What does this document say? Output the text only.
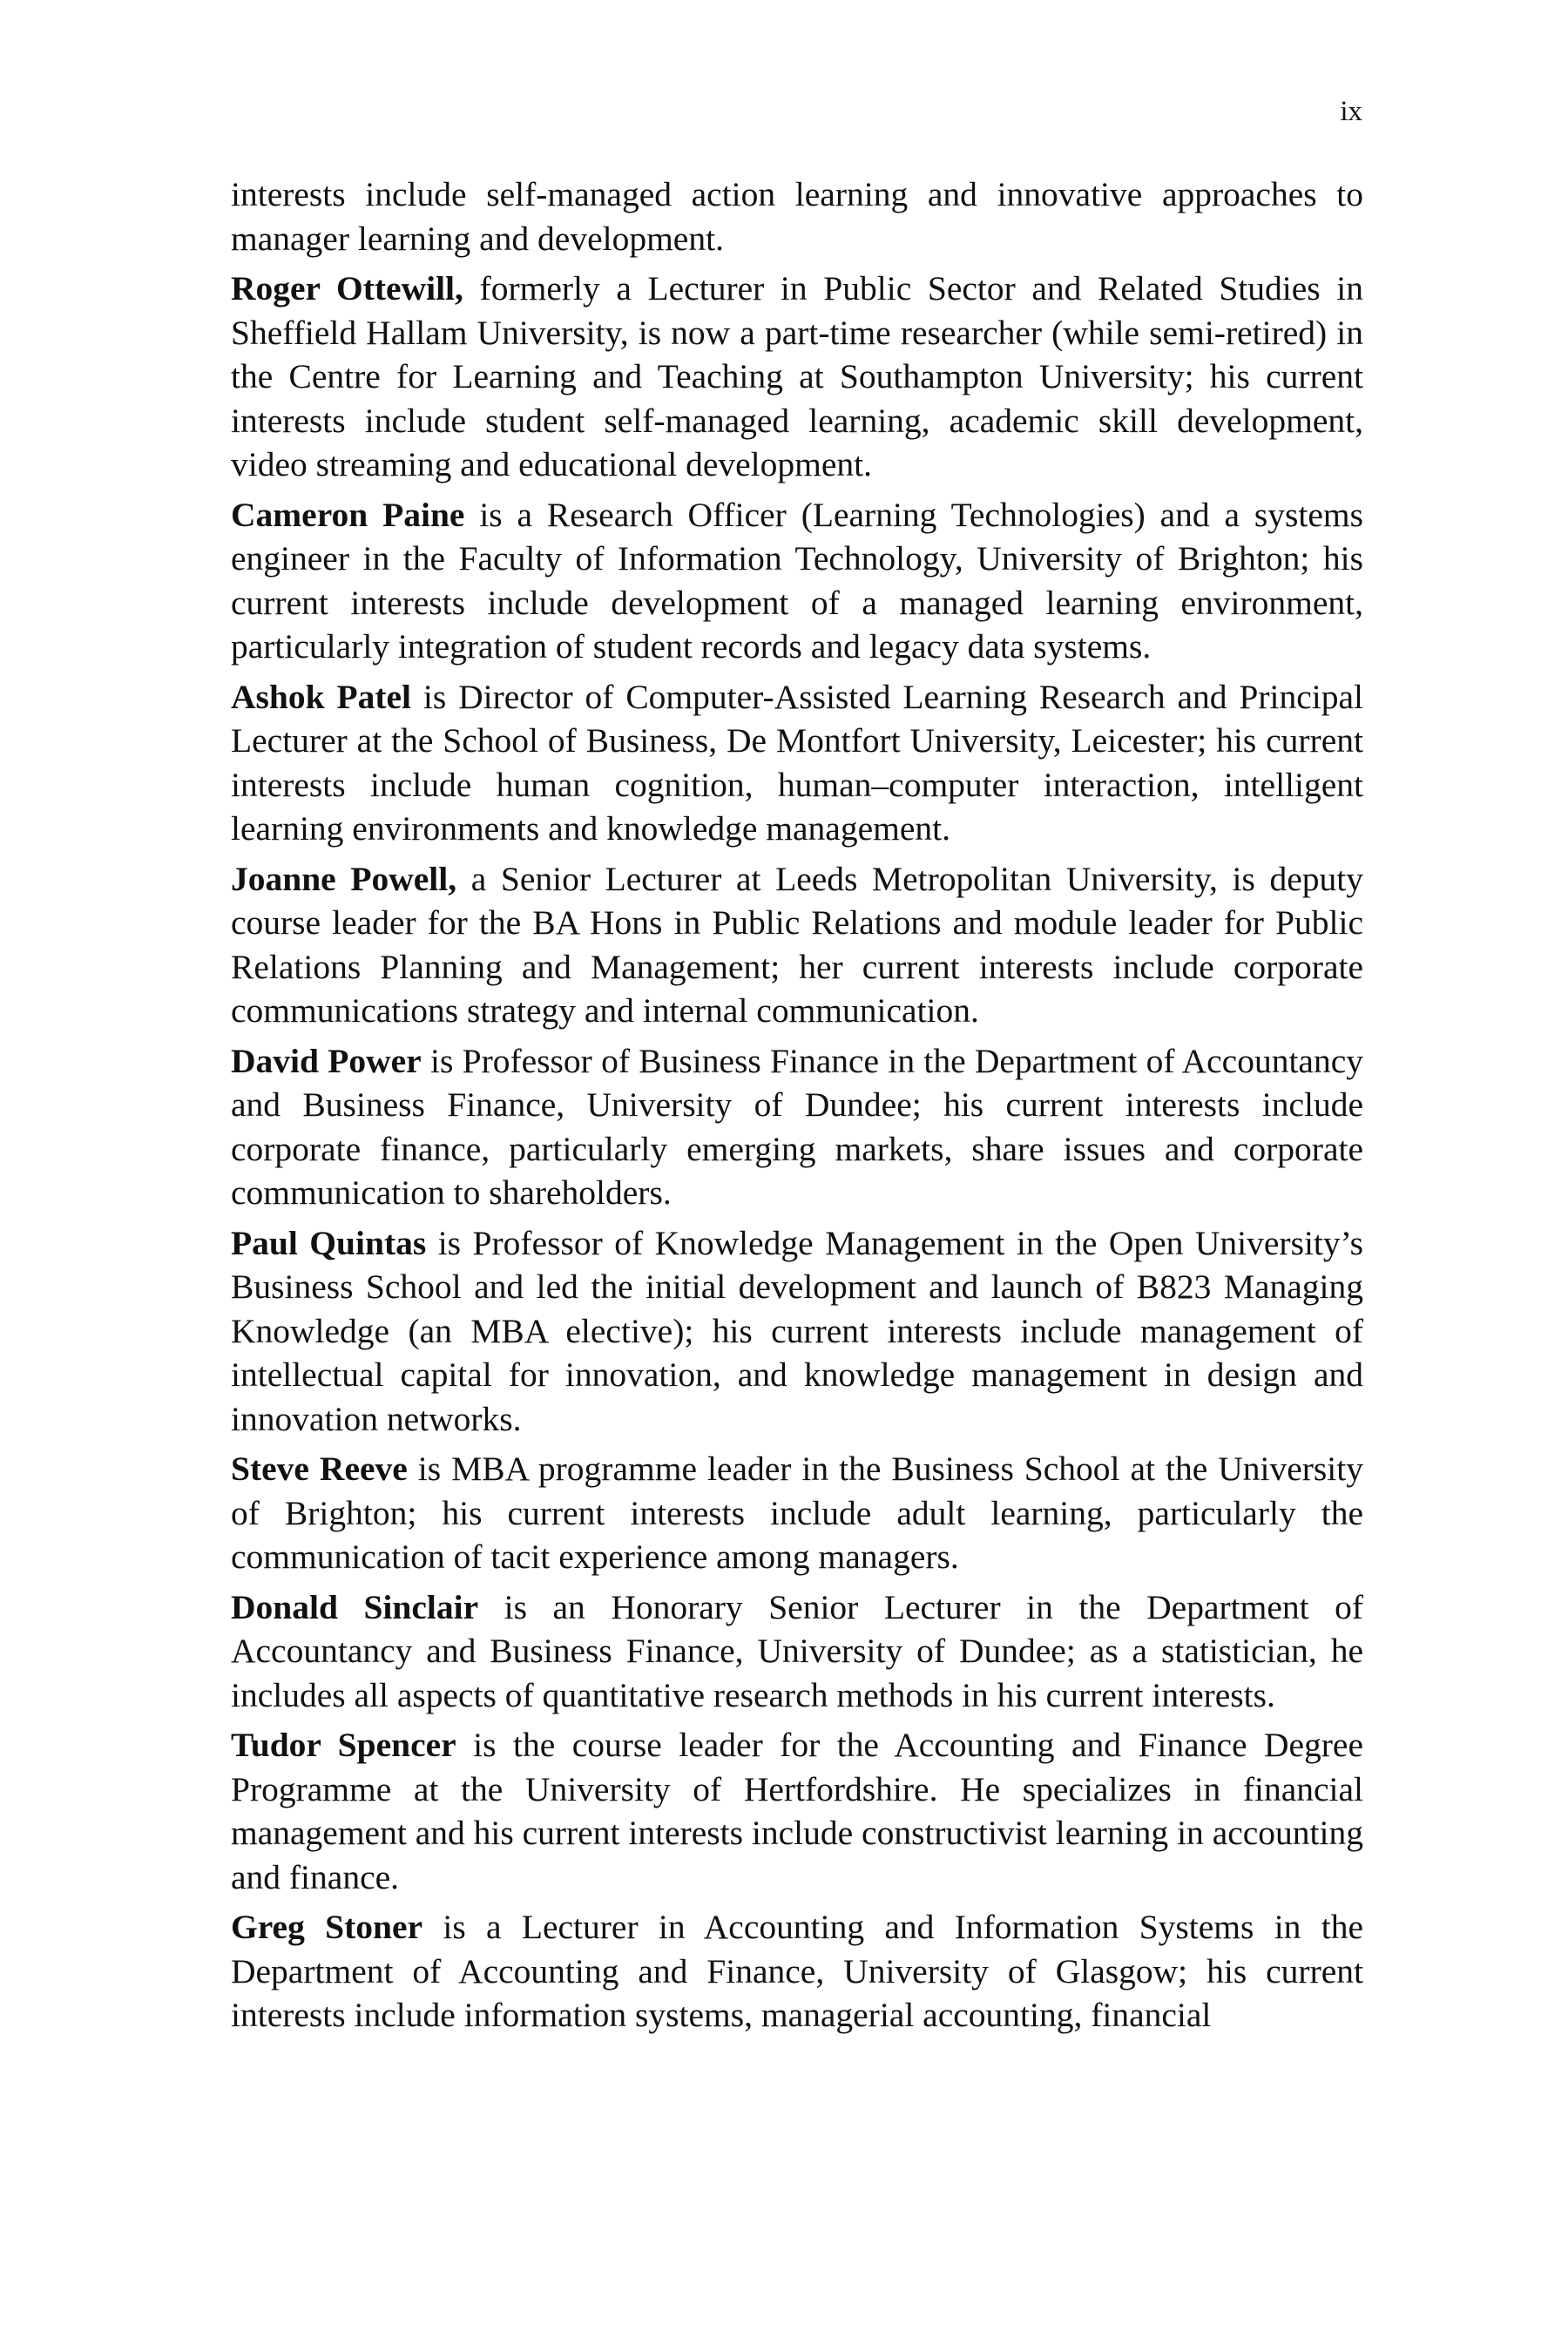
ix

interests include self-managed action learning and innovative approaches to manager learning and development.

Roger Ottewill, formerly a Lecturer in Public Sector and Related Studies in Sheffield Hallam University, is now a part-time researcher (while semi-retired) in the Centre for Learning and Teaching at Southampton University; his current interests include student self-managed learning, academic skill development, video streaming and educational development.

Cameron Paine is a Research Officer (Learning Technologies) and a systems engineer in the Faculty of Information Technology, University of Brighton; his current interests include development of a managed learning environment, particularly integration of student records and legacy data systems.

Ashok Patel is Director of Computer-Assisted Learning Research and Principal Lecturer at the School of Business, De Montfort University, Leicester; his current interests include human cognition, human–computer interaction, intelligent learning environments and knowledge management.

Joanne Powell, a Senior Lecturer at Leeds Metropolitan University, is deputy course leader for the BA Hons in Public Relations and module leader for Public Relations Planning and Management; her current interests include corporate communications strategy and internal communication.

David Power is Professor of Business Finance in the Department of Accountancy and Business Finance, University of Dundee; his current interests include corporate finance, particularly emerging markets, share issues and corporate communication to shareholders.

Paul Quintas is Professor of Knowledge Management in the Open University’s Business School and led the initial development and launch of B823 Managing Knowledge (an MBA elective); his current interests include management of intellectual capital for innovation, and knowledge management in design and innovation networks.

Steve Reeve is MBA programme leader in the Business School at the University of Brighton; his current interests include adult learning, particularly the communication of tacit experience among managers.

Donald Sinclair is an Honorary Senior Lecturer in the Department of Accountancy and Business Finance, University of Dundee; as a statistician, he includes all aspects of quantitative research methods in his current interests.

Tudor Spencer is the course leader for the Accounting and Finance Degree Programme at the University of Hertfordshire. He specializes in financial management and his current interests include constructivist learning in accounting and finance.

Greg Stoner is a Lecturer in Accounting and Information Systems in the Department of Accounting and Finance, University of Glasgow; his current interests include information systems, managerial accounting, financial
